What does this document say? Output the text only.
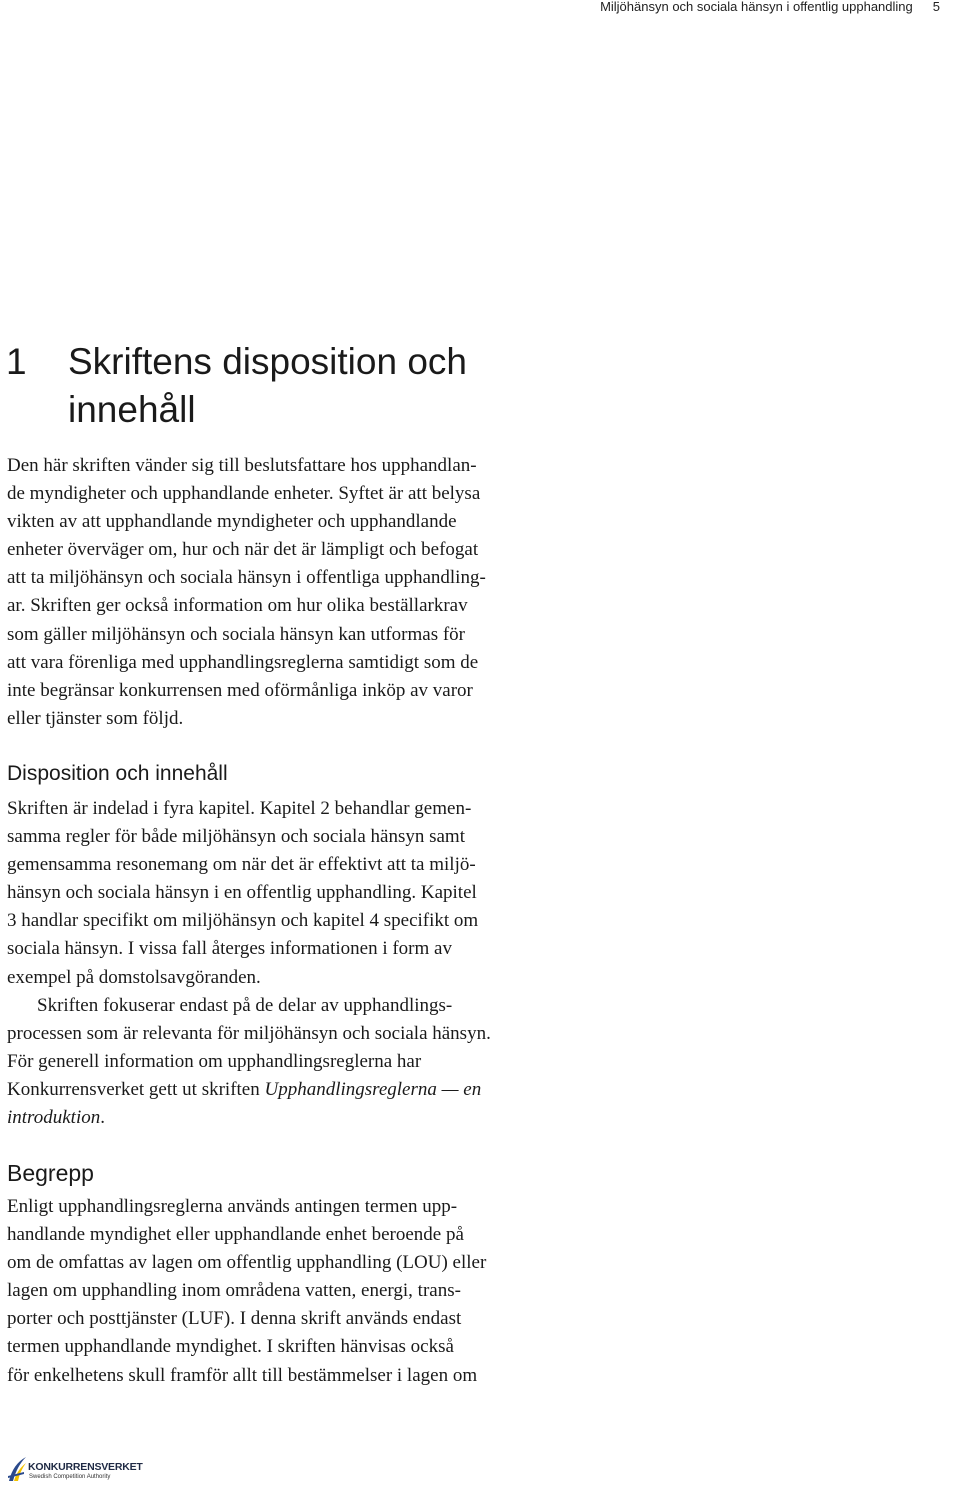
Miljöhänsyn och sociala hänsyn i offentlig upphandling 5
1 Skriftens disposition och
innehåll

Den här skriften vänder sig till beslutsfattare hos upphandlan-
de myndigheter och upphandlande enheter. Syftet är att belysa
vikten av att upphandlande myndigheter och upphandlande
enheter överväger om, hur och när det är lämpligt och befogat
att ta miljöhänsyn och sociala hänsyn i offentliga upphandling-
ar. Skriften ger också information om hur olika beställarkrav
som gäller miljöhänsyn och sociala hänsyn kan utformas för
att vara förenliga med upphandlingsreglerna samtidigt som de
inte begränsar konkurrensen med oförmånliga inköp av varor
eller tjänster som följd.

Disposition och innehåll
Skriften är indelad i fyra kapitel. Kapitel 2 behandlar gemen-
samma regler för både miljöhänsyn och sociala hänsyn samt
gemensamma resonemang om när det är effektivt att ta miljö-
hänsyn och sociala hänsyn i en offentlig upphandling. Kapitel
3 handlar specifikt om miljöhänsyn och kapitel 4 specifikt om
sociala hänsyn. I vissa fall återges informationen i form av
exempel på domstolsavgöranden.
Skriften fokuserar endast på de delar av upphandlings-
processen som är relevanta för miljöhänsyn och sociala hänsyn.
För generell information om upphandlingsreglerna har
Konkurrensverket gett ut skriften Upphandlingsreglerna — en
introduktion.
Begrepp

Enligt upphandlingsreglerna används antingen termen upp-
handlande myndighet eller upphandlande enhet beroende på
om de omfattas av lagen om offentlig upphandling (LOU) eller
lagen om upphandling inom områdena vatten, energi, trans-
porter och posttjänster (LUF). I denna skrift används endast
termen upphandlande myndighet. I skriften hänvisas också
för enkelhetens skull framför allt till bestämmelser i lagen om

KONKURRENSVERKET
Swedish Competition Authority
